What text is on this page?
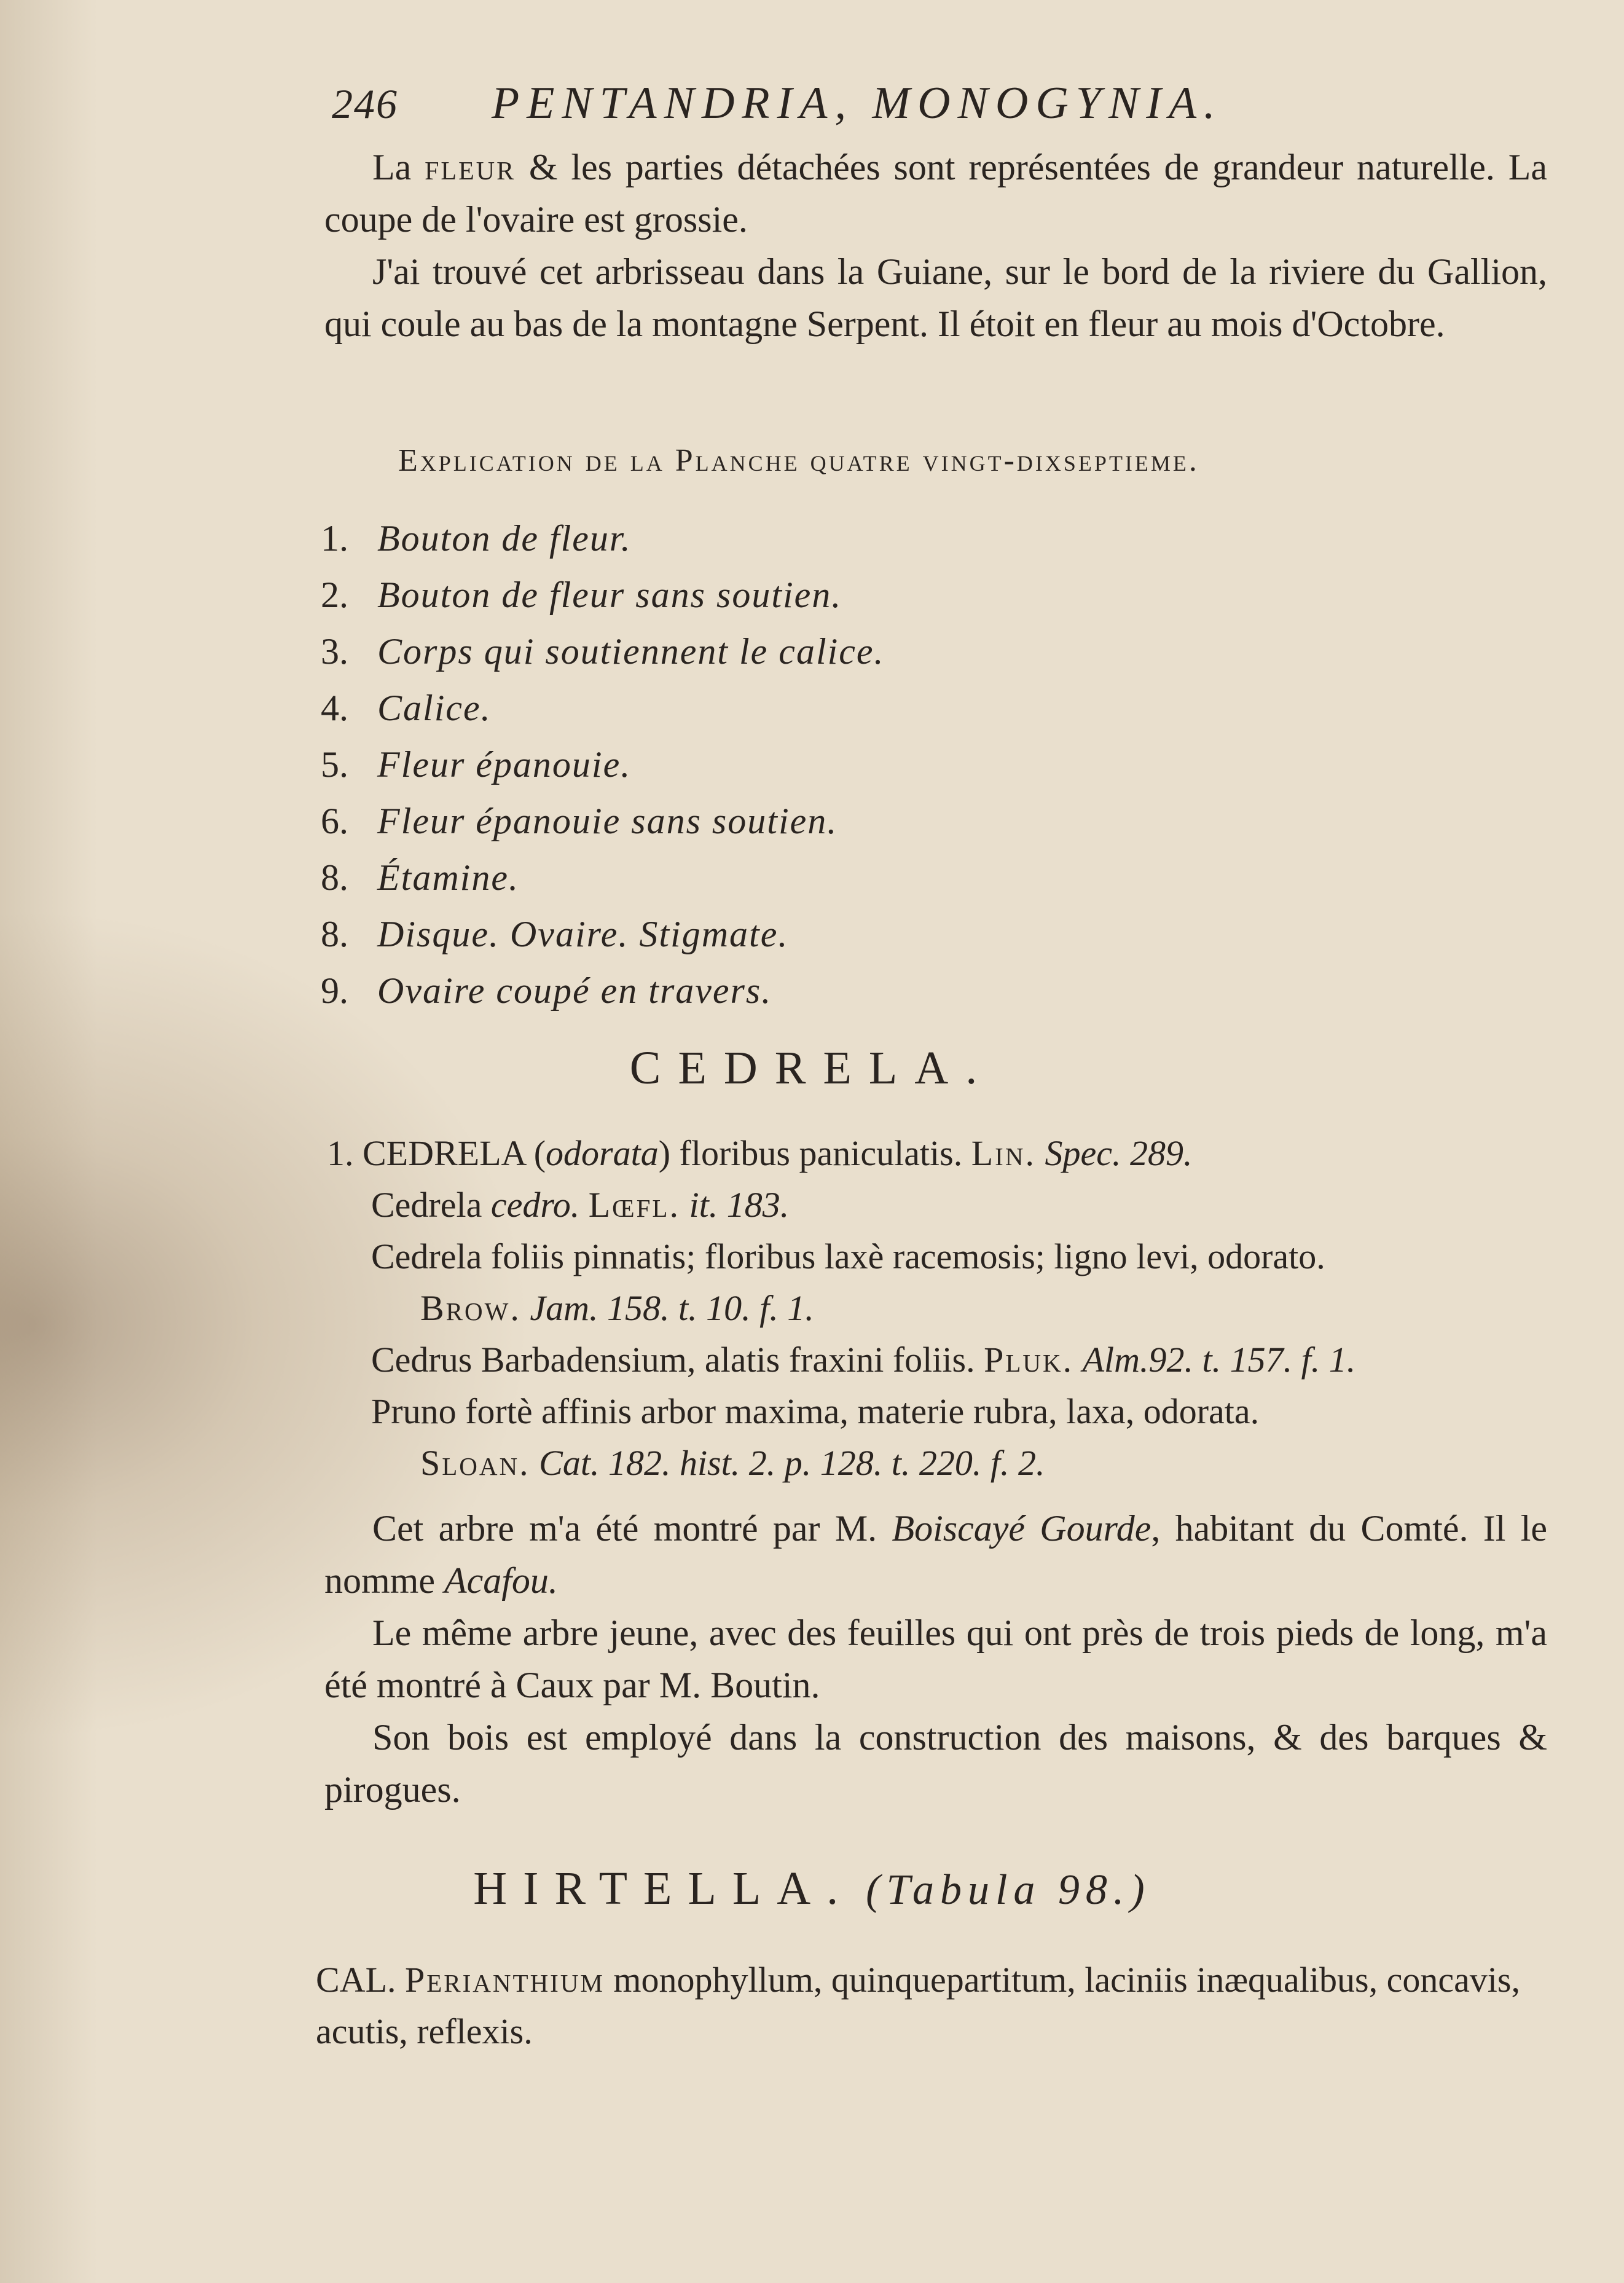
246 PENTANDRIA, MONOGYNIA.

La fleur & les parties détachées sont représentées de grandeur naturelle. La coupe de l'ovaire est grossie.

J'ai trouvé cet arbrisseau dans la Guiane, sur le bord de la riviere du Gallion, qui coule au bas de la montagne Serpent. Il étoit en fleur au mois d'Octobre.

Explication de la Planche quatre vingt-dixseptieme.
1. Bouton de fleur.
2. Bouton de fleur sans soutien.
3. Corps qui soutiennent le calice.
4. Calice.
5. Fleur épanouie.
6. Fleur épanouie sans soutien.
8. Étamine.
8. Disque. Ovaire. Stigmate.
9. Ovaire coupé en travers.
CEDRELA.
1. CEDRELA (odorata) floribus paniculatis. Lin. Spec. 289.
Cedrela cedro. Lœfl. it. 183.
Cedrela foliis pinnatis; floribus laxè racemosis; ligno levi, odorato.
Brow. Jam. 158. t. 10. f. 1.
Cedrus Barbadensium, alatis fraxini foliis. Pluk. Alm.92. t. 157. f. 1.
Pruno fortè affinis arbor maxima, materie rubra, laxa, odorata.
Sloan. Cat. 182. hist. 2. p. 128. t. 220. f. 2.

Cet arbre m'a été montré par M. Boiscayé Gourde, habitant du Comté. Il le nomme Acafou.

Le même arbre jeune, avec des feuilles qui ont près de trois pieds de long, m'a été montré à Caux par M. Boutin.

Son bois est employé dans la construction des maisons, & des barques & pirogues.

HIRTELLA. (Tabula 98.)
CAL. Perianthium monophyllum, quinquepartitum, laciniis inæqualibus, concavis, acutis, reflexis.
